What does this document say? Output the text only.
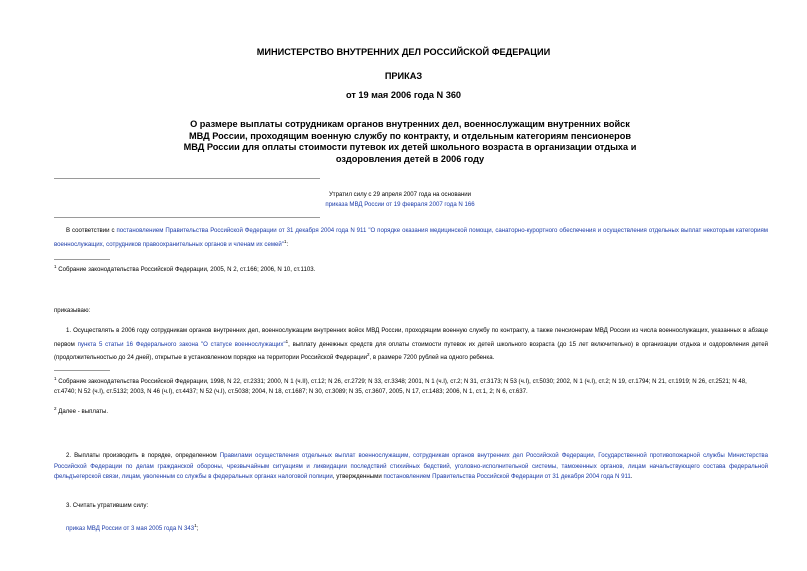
МИНИСТЕРСТВО ВНУТРЕННИХ ДЕЛ РОССИЙСКОЙ ФЕДЕРАЦИИ
ПРИКАЗ
от 19 мая 2006 года N 360
О размере выплаты сотрудникам органов внутренних дел, военнослужащим внутренних войск МВД России, проходящим военную службу по контракту, и отдельным категориям пенсионеров МВД России для оплаты стоимости путевок их детей школьного возраста в организации отдыха и оздоровления детей в 2006 году
Утратил силу с 29 апреля 2007 года на основании
приказа МВД России от 19 февраля 2007 года N 166
В соответствии с постановлением Правительства Российской Федерации от 31 декабря 2004 года N 911 "О порядке оказания медицинской помощи, санаторно-курортного обеспечения и осуществления отдельных выплат некоторым категориям военнослужащих, сотрудников правоохранительных органов и членам их семей"$^1$:
$^1$ Собрание законодательства Российской Федерации, 2005, N 2, ст.166; 2006, N 10, ст.1103.
приказываю:
1. Осуществлять в 2006 году сотрудникам органов внутренних дел, военнослужащим внутренних войск МВД России, проходящим военную службу по контракту, а также пенсионерам МВД России из числа военнослужащих, указанных в абзаце первом пункта 5 статьи 16 Федерального закона "О статусе военнослужащих"$^1$, выплату денежных средств для оплаты стоимости путевок их детей школьного возраста (до 15 лет включительно) в организации отдыха и оздоровления детей (продолжительностью до 24 дней), открытые в установленном порядке на территории Российской Федерации$^2$, в размере 7200 рублей на одного ребенка.
$^1$ Собрание законодательства Российской Федерации, 1998, N 22, ст.2331; 2000, N 1 (ч.II), ст.12; N 26, ст.2729; N 33, ст.3348; 2001, N 1 (ч.I), ст.2; N 31, ст.3173; N 53 (ч.I), ст.5030; 2002, N 1 (ч.I), ст.2; N 19, ст.1794; N 21, ст.1919; N 26, ст.2521; N 48, ст.4740; N 52 (ч.I), ст.5132; 2003, N 46 (ч.I), ст.4437; N 52 (ч.I), ст.5038; 2004, N 18, ст.1687; N 30, ст.3089; N 35, ст.3607, 2005, N 17, ст.1483; 2006, N 1, ст.1, 2; N 6, ст.637.
$^2$ Далее - выплаты.
2. Выплаты производить в порядке, определенном Правилами осуществления отдельных выплат военнослужащим, сотрудникам органов внутренних дел Российской Федерации, Государственной противопожарной службы Министерства Российской Федерации по делам гражданской обороны, чрезвычайным ситуациям и ликвидации последствий стихийных бедствий, уголовно-исполнительной системы, таможенных органов, лицам начальствующего состава федеральной фельдъегерской связи, лицам, уволенным со службы в федеральных органах налоговой полиции, утвержденными постановлением Правительства Российской Федерации от 31 декабря 2004 года N 911.
3. Считать утратившим силу:
приказ МВД России от 3 мая 2005 года N $343^1$;
